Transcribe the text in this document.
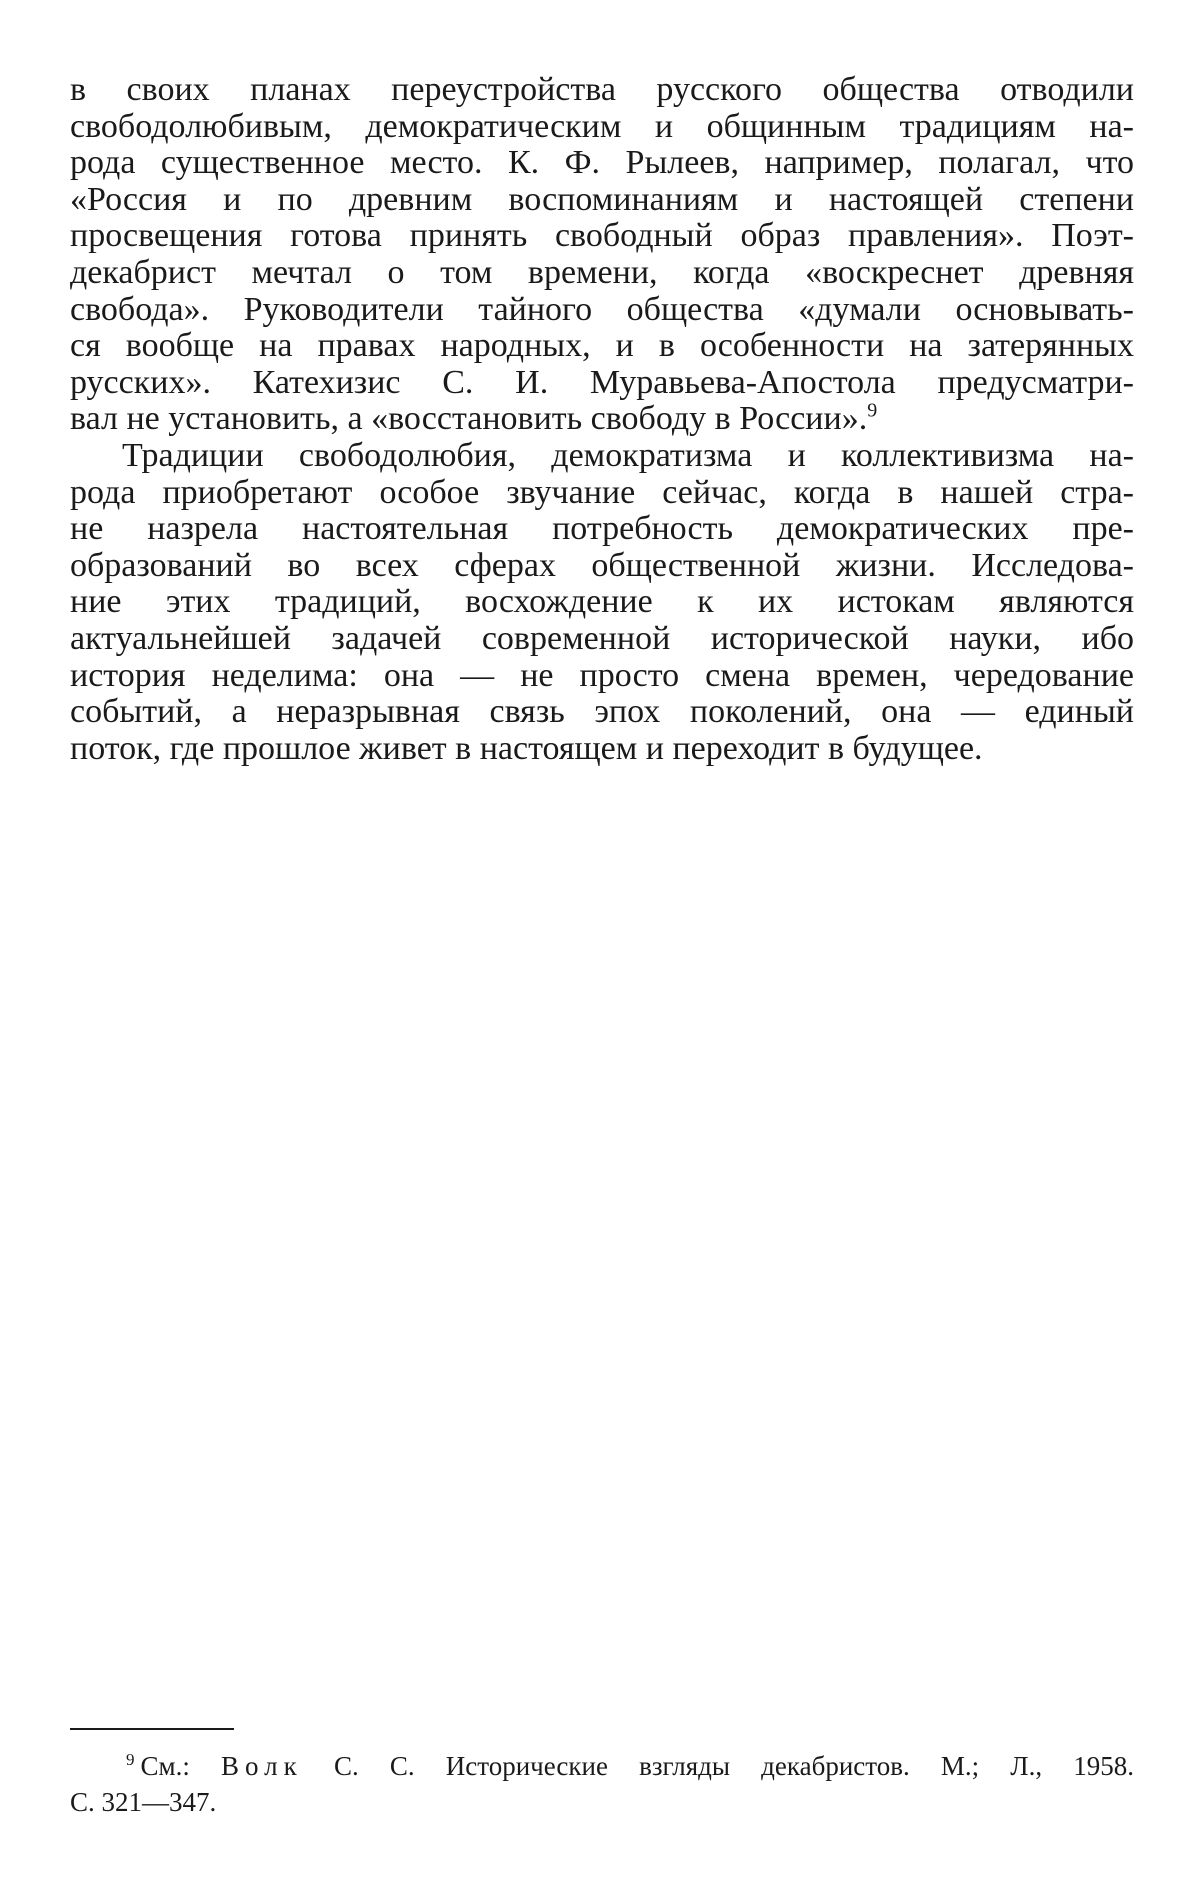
в своих планах переустройства русского общества отводили
свободолюбивым, демократическим и общинным традициям на-
рода существенное место. К. Ф. Рылеев, например, полагал, что
«Россия и по древним воспоминаниям и настоящей степени
просвещения готова принять свободный образ правления». Поэт-
декабрист мечтал о том времени, когда «воскреснет древняя
свобода». Руководители тайного общества «думали основывать-
ся вообще на правах народных, и в особенности на затерянных
русских». Катехизис С. И. Муравьева-Апостола предусматри-
вал не установить, а «восстановить свободу в России».$^9$
Традиции свободолюбия, демократизма и коллективизма на-
рода приобретают особое звучание сейчас, когда в нашей стра-
не назрела настоятельная потребность демократических пре-
образований во всех сферах общественной жизни. Исследова-
ние этих традиций, восхождение к их истокам являются
актуальнейшей задачей современной исторической науки, ибо
история неделима: она — не просто смена времен, чередование
событий, а неразрывная связь эпох поколений, она — единый
поток, где прошлое живет в настоящем и переходит в будущее.
$^9$ См.: Волк С. С. Исторические взгляды декабристов. М.; Л., 1958.
С. 321—347.
